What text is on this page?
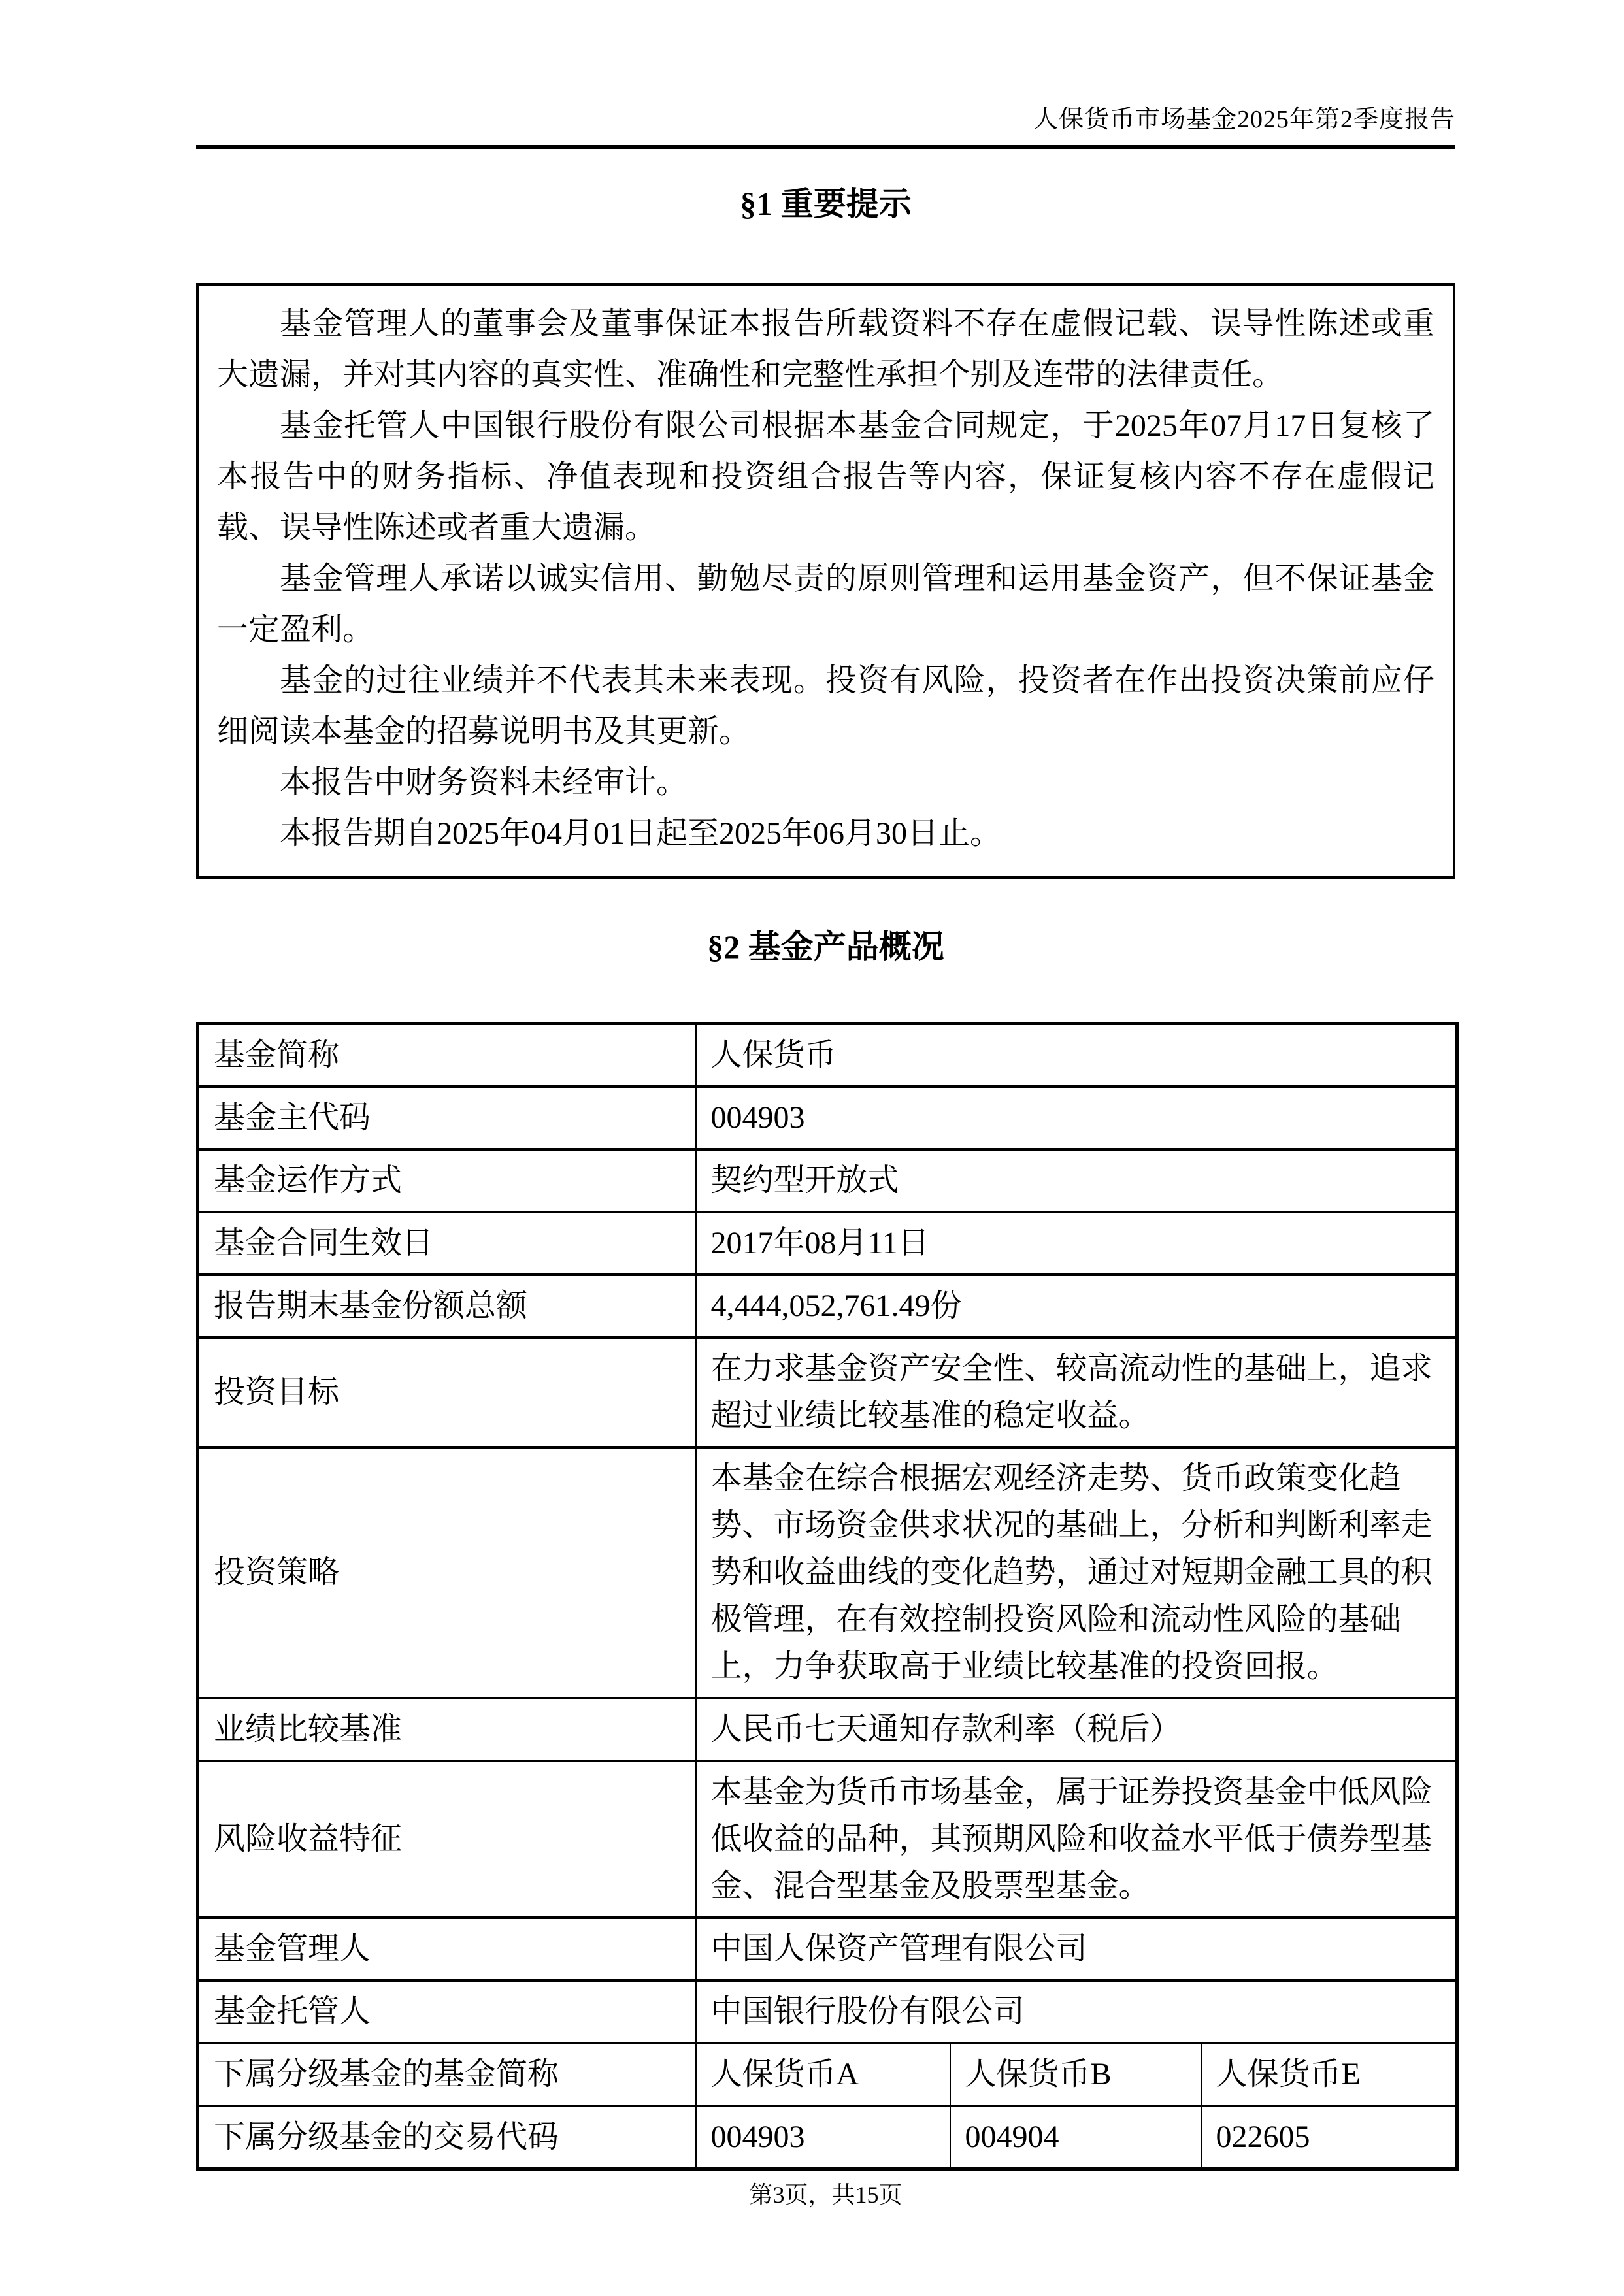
人保货币市场基金2025年第2季度报告
§1 重要提示

基金管理人的董事会及董事保证本报告所载资料不存在虚假记载、误导性陈述或重大遗漏，并对其内容的真实性、准确性和完整性承担个别及连带的法律责任。

基金托管人中国银行股份有限公司根据本基金合同规定，于2025年07月17日复核了本报告中的财务指标、净值表现和投资组合报告等内容，保证复核内容不存在虚假记载、误导性陈述或者重大遗漏。

基金管理人承诺以诚实信用、勤勉尽责的原则管理和运用基金资产，但不保证基金一定盈利。

基金的过往业绩并不代表其未来表现。投资有风险，投资者在作出投资决策前应仔细阅读本基金的招募说明书及其更新。

本报告中财务资料未经审计。

本报告期自2025年04月01日起至2025年06月30日止。

§2 基金产品概况
基金简称	人保货币		
基金主代码	004903		
基金运作方式	契约型开放式		
基金合同生效日	2017年08月11日		
报告期末基金份额总额	4,444,052,761.49份		
投资目标	在力求基金资产安全性、较高流动性的基础上，追求超过业绩比较基准的稳定收益。		
投资策略	本基金在综合根据宏观经济走势、货币政策变化趋势、市场资金供求状况的基础上，分析和判断利率走势和收益曲线的变化趋势，通过对短期金融工具的积极管理，在有效控制投资风险和流动性风险的基础上，力争获取高于业绩比较基准的投资回报。		
业绩比较基准	人民币七天通知存款利率（税后）		
风险收益特征	本基金为货币市场基金，属于证券投资基金中低风险低收益的品种，其预期风险和收益水平低于债券型基金、混合型基金及股票型基金。		
基金管理人	中国人保资产管理有限公司		
基金托管人	中国银行股份有限公司		
下属分级基金的基金简称	人保货币A	人保货币B	人保货币E
下属分级基金的交易代码	004903	004904	022605
第3页，共15页
